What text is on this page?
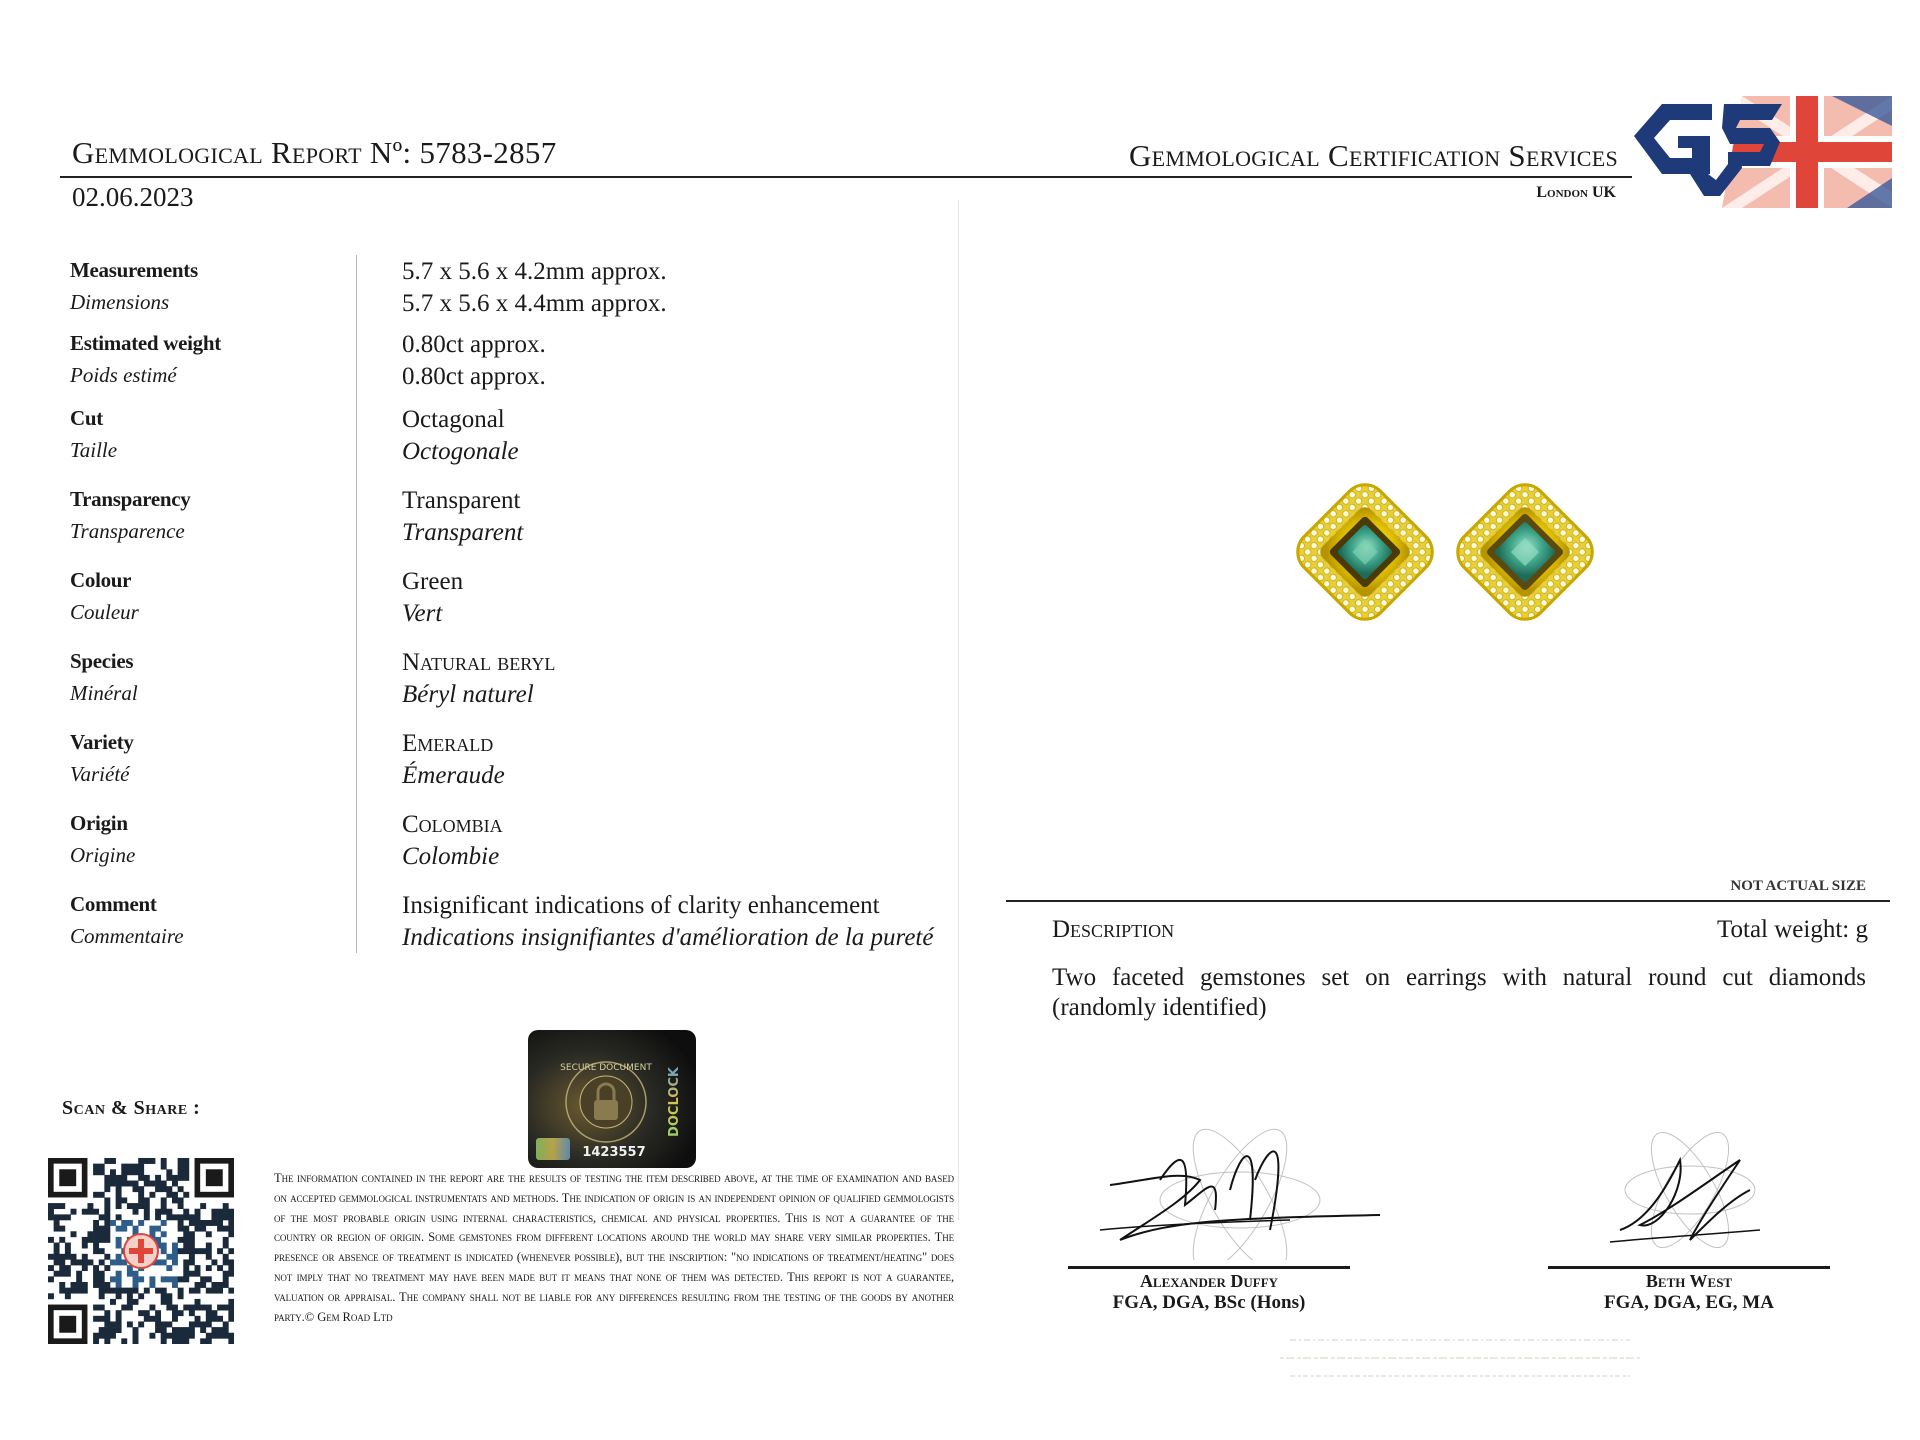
Gemmological Report Nº: 5783-2857
02.06.2023
Gemmological Certification Services
London UK
Measurements
Dimensions
5.7 x 5.6 x 4.2mm approx.
5.7 x 5.6 x 4.4mm approx.
Estimated weight
Poids estimé
0.80ct approx.
0.80ct approx.
Cut
Taille
Octagonal
Octogonale
Transparency
Transparence
Transparent
Transparent
Colour
Couleur
Green
Vert
Species
Minéral
Natural beryl
Béryl naturel
Variety
Variété
Emerald
Émeraude
Origin
Origine
Colombia
Colombie
Comment
Commentaire
Insignificant indications of clarity enhancement
Indications insignifiantes d'amélioration de la pureté
NOT ACTUAL SIZE
Description	Total weight: g
Two faceted gemstones set on earrings with natural round cut diamonds (randomly identified)
Alexander Duffy
FGA, DGA, BSc (Hons)
Beth West
FGA, DGA, EG, MA
Scan & Share :
SECURE DOCUMENT DOCLOCK
1423557
The information contained in the report are the results of testing the item described above, at the time of examination and based on accepted gemmological instrumentats and methods. The indication of origin is an independent opinion of qualified gemmologists of the most probable origin using internal characteristics, chemical and physical properties. This is not a guarantee of the country or region of origin. Some gemstones from different locations around the world may share very similar properties. The presence or absence of treatment is indicated (whenever possible), but the inscription: "no indications of treatment/heating" does not imply that no treatment may have been made but it means that none of them was detected. This report is not a guarantee, valuation or appraisal. The company shall not be liable for any differences resulting from the testing of the goods by another party.© Gem Road Ltd
